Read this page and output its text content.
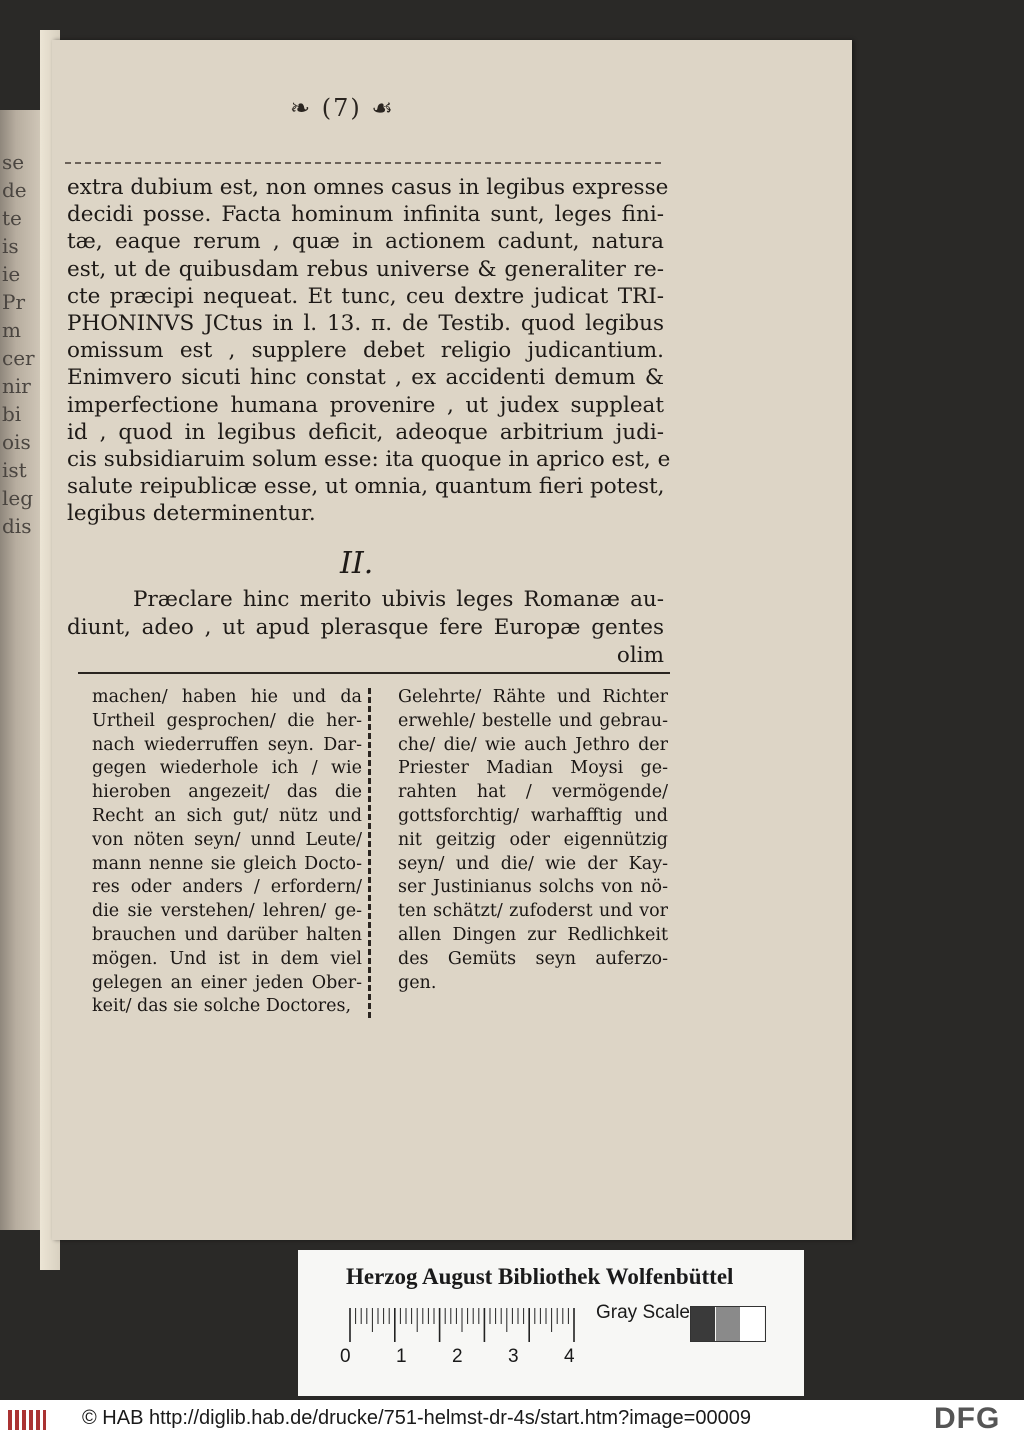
se
de
te
is
ie
Pr
m
cer
nir
bi
ois
ist
leg
dis
❧ (7) ☙
extra dubium est, non omnes casus in legibus expresse
decidi posse. Facta hominum infinita sunt, leges fini-
tæ, eaque rerum , quæ in actionem cadunt, natura
est, ut de quibusdam rebus universe & generaliter re-
cte præcipi nequeat. Et tunc, ceu dextre judicat TRI-
PHONINVS JCtus in l. 13. π. de Testib. quod legibus
omissum est , supplere debet religio judicantium.
Enimvero sicuti hinc constat , ex accidenti demum &
imperfectione humana provenire , ut judex suppleat
id , quod in legibus deficit, adeoque arbitrium judi-
cis subsidiaruim solum esse: ita quoque in aprico est, e
salute reipublicæ esse, ut omnia, quantum fieri potest,
legibus determinentur.
II.
Præclare hinc merito ubivis leges Romanæ au-
diunt, adeo , ut apud plerasque fere Europæ gentes
olim
machen/ haben hie und da
Urtheil gesprochen/ die her-
nach wiederruffen seyn. Dar-
gegen wiederhole ich / wie
hieroben angezeit/ das die
Recht an sich gut/ nütz und
von nöten seyn/ unnd Leute/
mann nenne sie gleich Docto-
res oder anders / erfordern/
die sie verstehen/ lehren/ ge-
brauchen und darüber halten
mögen. Und ist in dem viel
gelegen an einer jeden Ober-
keit/ das sie solche Doctores,
Gelehrte/ Rähte und Richter
erwehle/ bestelle und gebrau-
che/ die/ wie auch Jethro der
Priester Madian Moysi ge-
rahten hat / vermögende/
gottsforchtig/ warhafftig und
nit geitzig oder eigennützig
seyn/ und die/ wie der Kay-
ser Justinianus solchs von nö-
ten schätzt/ zufoderst und vor
allen Dingen zur Redlichkeit
des Gemüts seyn auferzo-
gen.
Herzog August Bibliothek Wolfenbüttel
0 1 2 3 4
Gray Scale
© HAB http://diglib.hab.de/drucke/751-helmst-dr-4s/start.htm?image=00009	DFG
